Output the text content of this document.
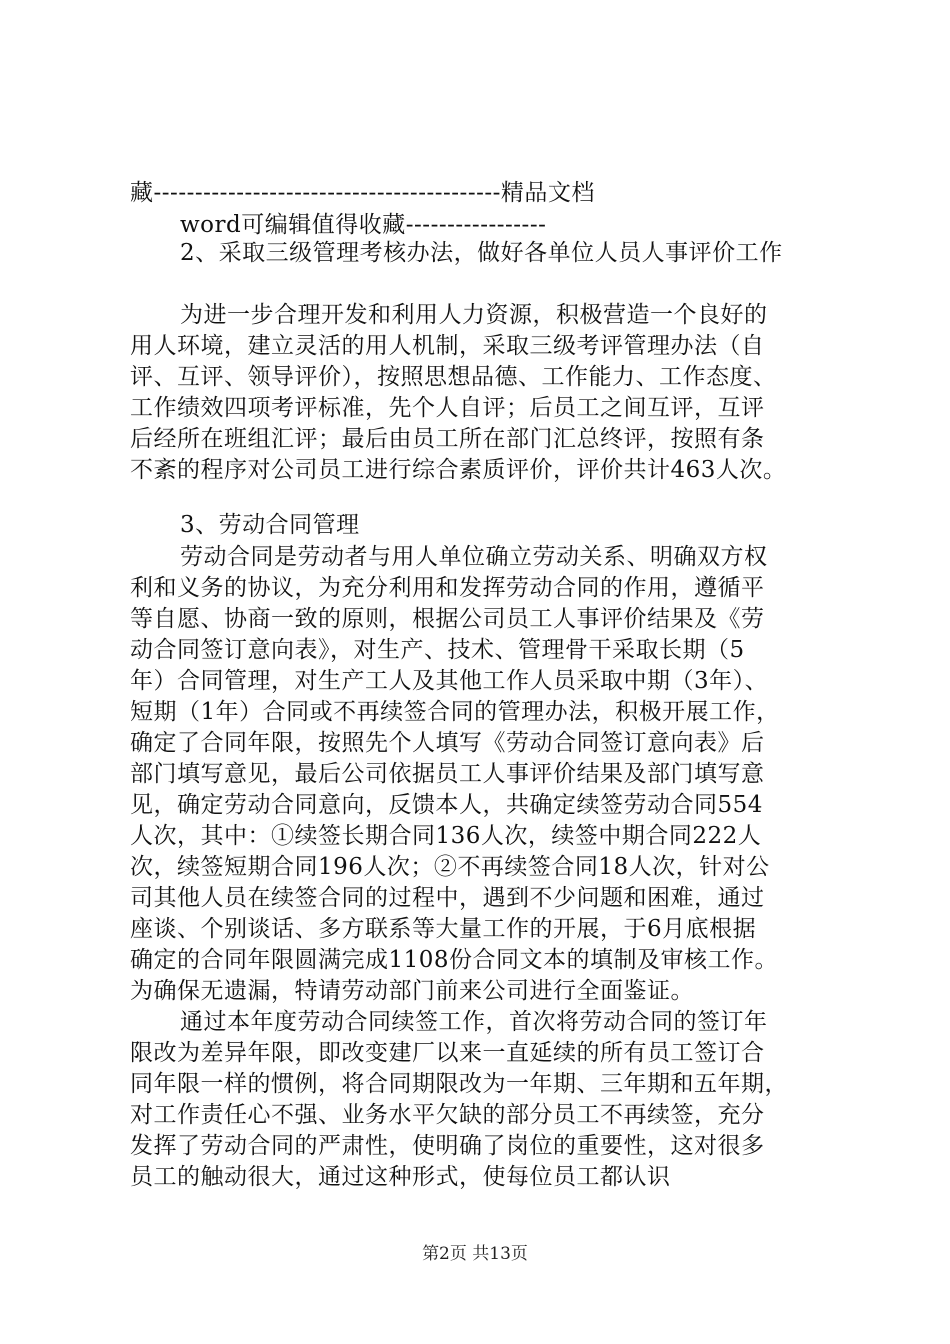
藏------------------------------------------精品文档
word可编辑值得收藏-----------------
2、采取三级管理考核办法，做好各单位人员人事评价工作
为进一步合理开发和利用人力资源，积极营造一个良好的
用人环境，建立灵活的用人机制，采取三级考评管理办法（自
评、互评、领导评价），按照思想品德、工作能力、工作态度、
工作绩效四项考评标准，先个人自评；后员工之间互评，互评
后经所在班组汇评；最后由员工所在部门汇总终评，按照有条
不紊的程序对公司员工进行综合素质评价，评价共计463人次。
3、劳动合同管理
劳动合同是劳动者与用人单位确立劳动关系、明确双方权
利和义务的协议，为充分利用和发挥劳动合同的作用，遵循平
等自愿、协商一致的原则，根据公司员工人事评价结果及《劳
动合同签订意向表》，对生产、技术、管理骨干采取长期（5
年）合同管理，对生产工人及其他工作人员采取中期（3年）、
短期（1年）合同或不再续签合同的管理办法，积极开展工作，
确定了合同年限，按照先个人填写《劳动合同签订意向表》后
部门填写意见，最后公司依据员工人事评价结果及部门填写意
见，确定劳动合同意向，反馈本人，共确定续签劳动合同554
人次，其中：①续签长期合同136人次，续签中期合同222人
次，续签短期合同196人次；②不再续签合同18人次，针对公
司其他人员在续签合同的过程中，遇到不少问题和困难，通过
座谈、个别谈话、多方联系等大量工作的开展，于6月底根据
确定的合同年限圆满完成1108份合同文本的填制及审核工作。
为确保无遗漏，特请劳动部门前来公司进行全面鉴证。
通过本年度劳动合同续签工作，首次将劳动合同的签订年
限改为差异年限，即改变建厂以来一直延续的所有员工签订合
同年限一样的惯例，将合同期限改为一年期、三年期和五年期，
对工作责任心不强、业务水平欠缺的部分员工不再续签，充分
发挥了劳动合同的严肃性，使明确了岗位的重要性，这对很多
员工的触动很大，通过这种形式，使每位员工都认识
第2页 共13页
